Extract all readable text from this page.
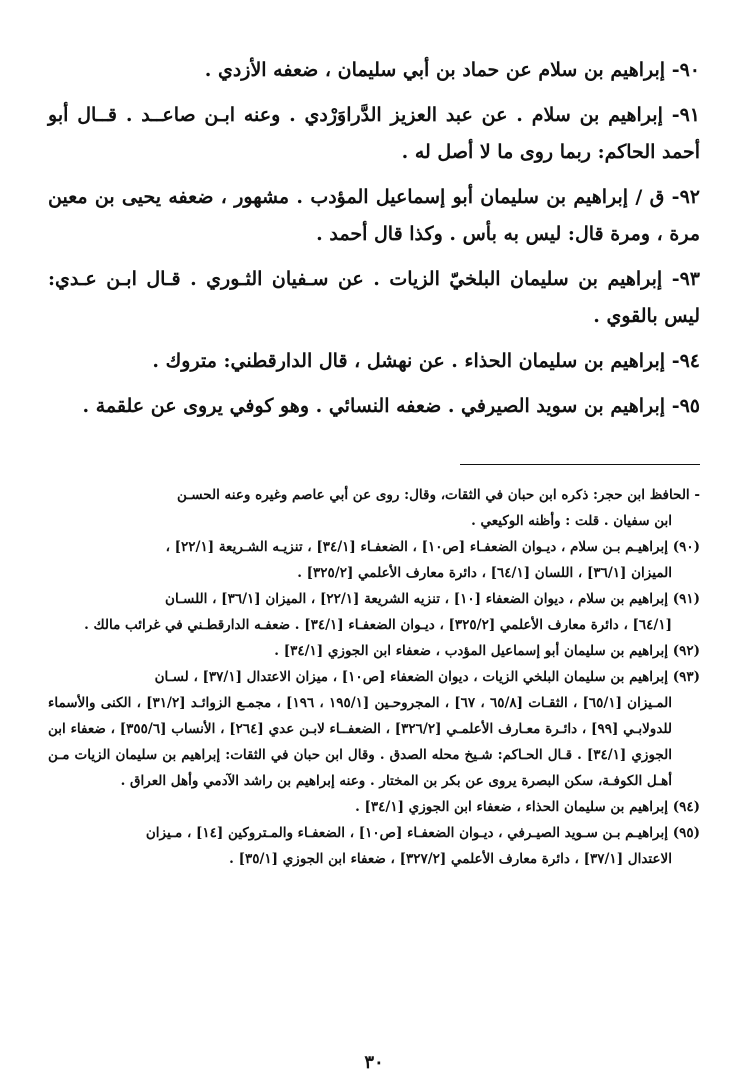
٩٠- إبراهيم بن سلام عن حماد بن أبي سليمان ، ضعفه الأزدي .

٩١- إبراهيم بن سلام . عن عبد العزيز الدَّراوَرْدي . وعنه ابـن صاعــد . قــال أبو أحمد الحاكم: ربما روى ما لا أصل له .

٩٢- ق / إبراهيم بن سليمان أبو إسماعيل المؤدب . مشهور ، ضعفه يحيى بن معين مرة ، ومرة قال: ليس به بأس . وكذا قال أحمد .

٩٣- إبراهيم بن سليمان البلخيّ الزيات . عن سـفيان الثـوري . قـال ابـن عـدي: ليس بالقوي .

٩٤- إبراهيم بن سليمان الحذاء . عن نهشل ، قال الدارقطني: متروك .

٩٥- إبراهيم بن سويد الصيرفي . ضعفه النسائي . وهو كوفي يروى عن علقمة .

- الحافظ ابن حجر: ذكره ابن حبان في الثقات، وقال: روى عن أبي عاصم وغيره وعنه الحسـن
ابن سفيان . قلت : وأظنه الوكيعي .

(٩٠) إبراهيـم بـن سلام ، ديـوان الضعفـاء [ص١٠] ، الضعفـاء [٣٤/١] ، تنزيـه الشـريعة [٢٢/١] ،
الميزان [٣٦/١] ، اللسان [٦٤/١] ، دائرة معارف الأعلمي [٣٢٥/٢] .

(٩١) إبراهيم بن سلام ، ديوان الضعفاء [١٠] ، تنزيه الشريعة [٢٢/١] ، الميزان [٣٦/١] ، اللسـان
[٦٤/١] ، دائرة معارف الأعلمي [٣٢٥/٢] ، ديـوان الضعفـاء [٣٤/١] . ضعفـه الدارقطـني في غرائب مالك .

(٩٢) إبراهيم بن سليمان أبو إسماعيل المؤدب ، ضعفاء ابن الجوزي [٣٤/١] .

(٩٣) إبراهيم بن سليمان البلخي الزيات ، ديوان الضعفاء [ص١٠] ، ميزان الاعتدال [٣٧/١] ، لسـان
المـيزان [٦٥/١] ، الثقـات [٦٥/٨ ، ٦٧] ، المجروحـين [١٩٥/١ ، ١٩٦] ، مجمـع الزوائـد [٣١/٢] ، الكنى والأسماء للدولابـي [٩٩] ، دائـرة معـارف الأعلمـي [٣٢٦/٢] ، الضعفــاء لابـن عدي [٢٦٤] ، الأنساب [٣٥٥/٦] ، ضعفاء ابن الجوزي [٣٤/١] . قـال الحـاكم: شـيخ محله الصدق . وقال ابن حبان في الثقات: إبراهيم بن سليمان الزيات مـن أهـل الكوفـة، سكن البصرة يروى عن بكر بن المختار . وعنه إبراهيم بن راشد الآدمي وأهل العراق .

(٩٤) إبراهيم بن سليمان الحذاء ، ضعفاء ابن الجوزي [٣٤/١] .

(٩٥) إبراهيـم بـن سـويد الصيـرفي ، ديـوان الضعفـاء [ص١٠] ، الضعفـاء والمـتروكين [١٤] ، مـيزان
الاعتدال [٣٧/١] ، دائرة معارف الأعلمي [٣٢٧/٢] ، ضعفاء ابن الجوزي [٣٥/١] .

٣٠
